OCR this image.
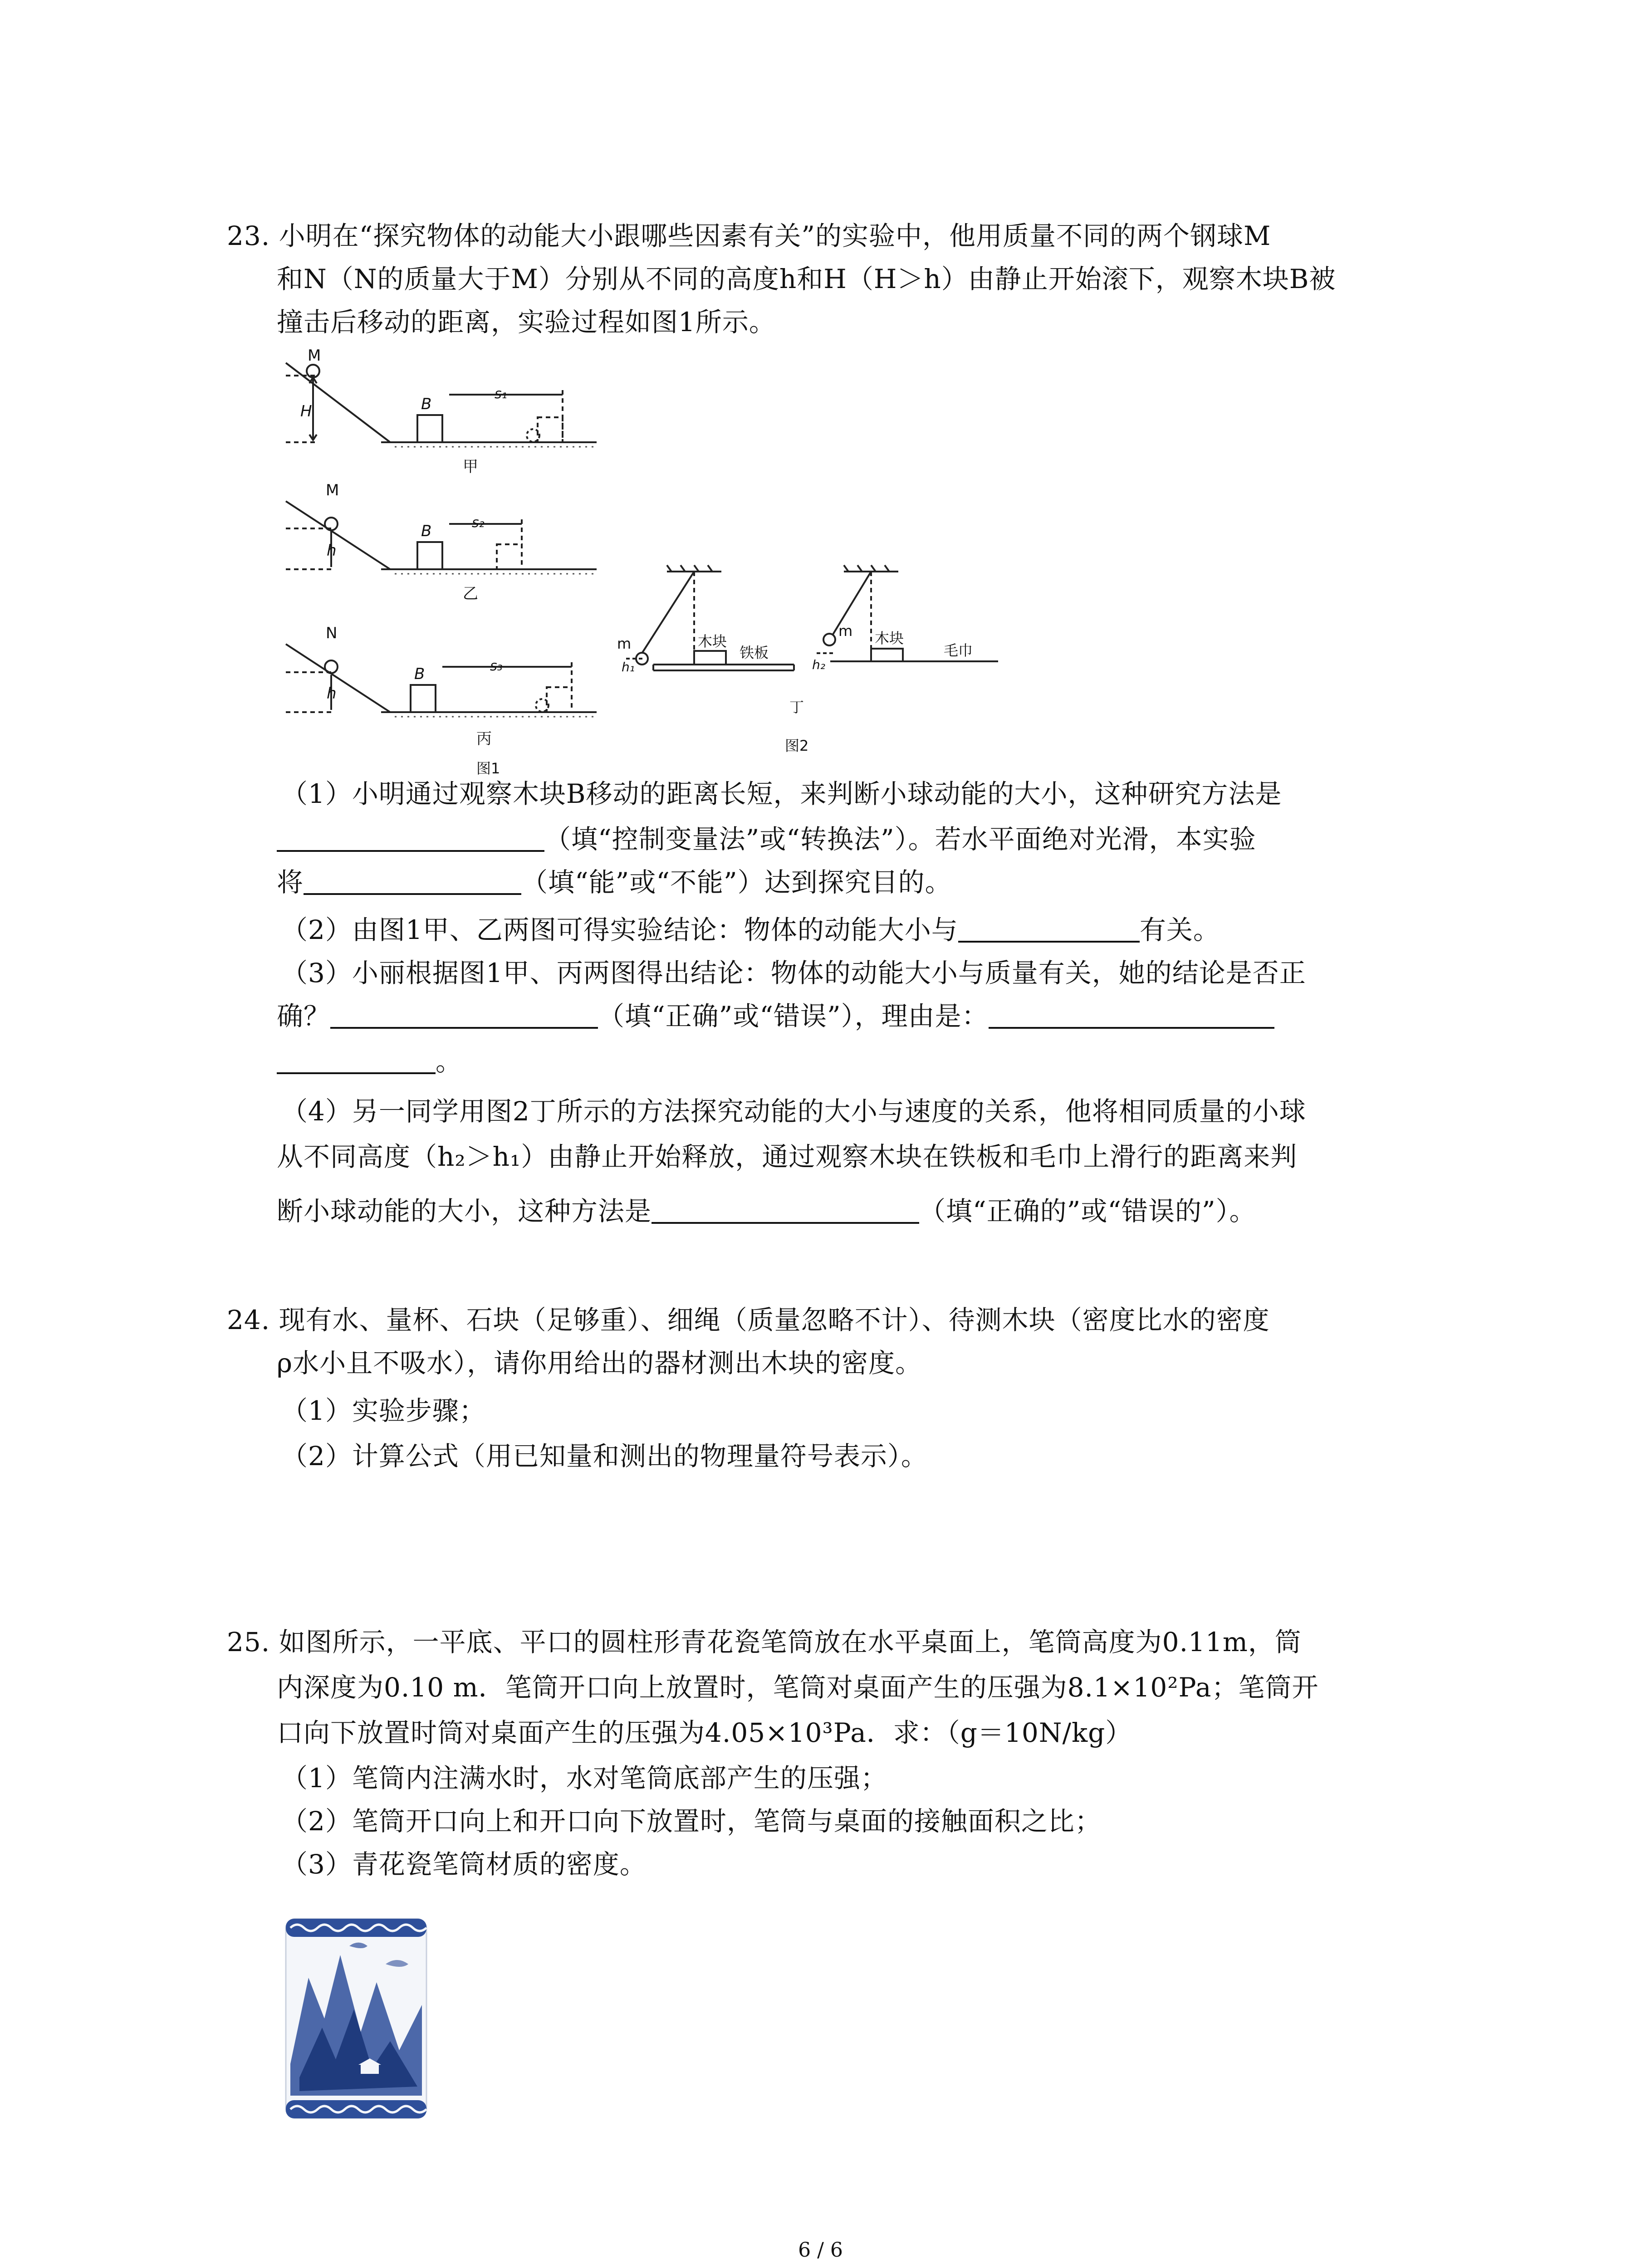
23. 小明在“探究物体的动能大小跟哪些因素有关”的实验中，他用质量不同的两个钢球M
和N（N的质量大于M）分别从不同的高度h和H（H＞h）由静止开始滚下，观察木块B被
撞击后移动的距离，实验过程如图1所示。
M
H	B
s₁
甲
M
h
B	s₂
乙
N
h
B	s₃
丙
图1
m
h₁
木块
铁板
m
h₂
木块
毛巾
丁
图2
（1）小明通过观察木块B移动的距离长短，来判断小球动能的大小，这种研究方法是
（填“控制变量法”或“转换法”）。若水平面绝对光滑，本实验
将	（填“能”或“不能”）达到探究目的。
（2）由图1甲、乙两图可得实验结论：物体的动能大小与	有关。
（3）小丽根据图1甲、丙两图得出结论：物体的动能大小与质量有关，她的结论是否正
确？	（填“正确”或“错误”），理由是：
。
（4）另一同学用图2丁所示的方法探究动能的大小与速度的关系，他将相同质量的小球
从不同高度（h₂＞h₁）由静止开始释放，通过观察木块在铁板和毛巾上滑行的距离来判
断小球动能的大小，这种方法是	（填“正确的”或“错误的”）。
24. 现有水、量杯、石块（足够重）、细绳（质量忽略不计）、待测木块（密度比水的密度
ρ水小且不吸水），请你用给出的器材测出木块的密度。
（1）实验步骤；
（2）计算公式（用已知量和测出的物理量符号表示）。
25. 如图所示，一平底、平口的圆柱形青花瓷笔筒放在水平桌面上，笔筒高度为0.11m，筒
内深度为0.10 m．笔筒开口向上放置时，笔筒对桌面产生的压强为8.1×10²Pa；笔筒开
口向下放置时筒对桌面产生的压强为4.05×10³Pa．求：（g＝10N/kg）
（1）笔筒内注满水时，水对笔筒底部产生的压强；
（2）笔筒开口向上和开口向下放置时，笔筒与桌面的接触面积之比；
（3）青花瓷笔筒材质的密度。
6 / 6
